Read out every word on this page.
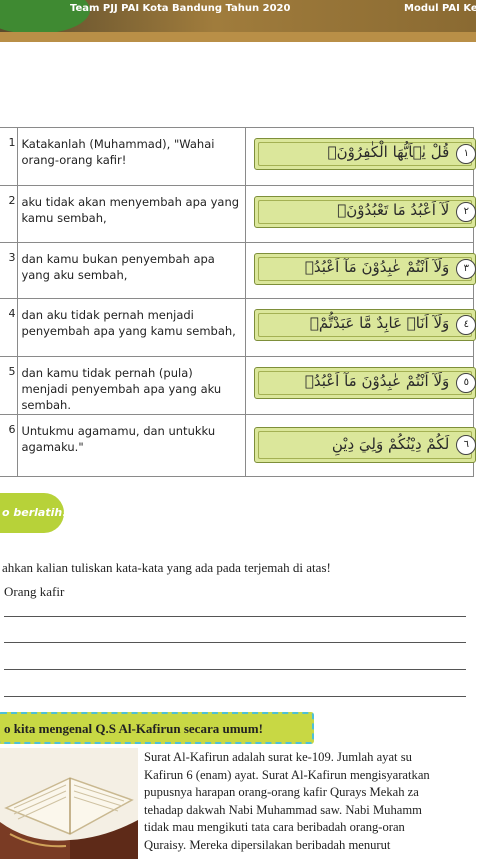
Team PJJ PAI Kota Bandung Tahun 2020	Modul PAI Kelas
1	Katakanlah (Muhammad), "Wahai orang-orang kafir!	قُلْ يٰۤاَيُّهَا الْكٰفِرُوْنَۙ ١

2	aku tidak akan menyembah apa yang kamu sembah,	لَآ اَعْبُدُ مَا تَعْبُدُوْنَۙ ٢

3	dan kamu bukan penyembah apa yang aku sembah,	وَلَآ اَنْتُمْ عٰبِدُوْنَ مَآ اَعْبُدُۚ ٣

4	dan aku tidak pernah menjadi penyembah apa yang kamu sembah,	وَلَآ اَنَا۠ عَابِدٌ مَّا عَبَدْتُّمْۙ ٤

5	dan kamu tidak pernah (pula) menjadi penyembah apa yang aku sembah.	وَلَآ اَنْتُمْ عٰبِدُوْنَ مَآ اَعْبُدُۗ ٥

6	Untukmu agamamu, dan untukku agamaku."	لَكُمْ دِيْنُكُمْ وَلِيَ دِيْنِ ٦
o berlatih!
ahkan kalian tuliskan kata-kata yang ada pada terjemah di atas!
Orang kafir
o kita mengenal Q.S Al-Kafirun secara umum!
Surat Al-Kafirun adalah surat ke-109. Jumlah ayat su
Kafirun 6 (enam) ayat. Surat Al-Kafirun mengisyaratkan
pupusnya harapan orang-orang kafir Qurays Mekah za
tehadap dakwah Nabi Muhammad saw. Nabi Muhamm
tidak mau mengikuti tata cara beribadah orang-oran
Quraisy. Mereka dipersilakan beribadah menurut
